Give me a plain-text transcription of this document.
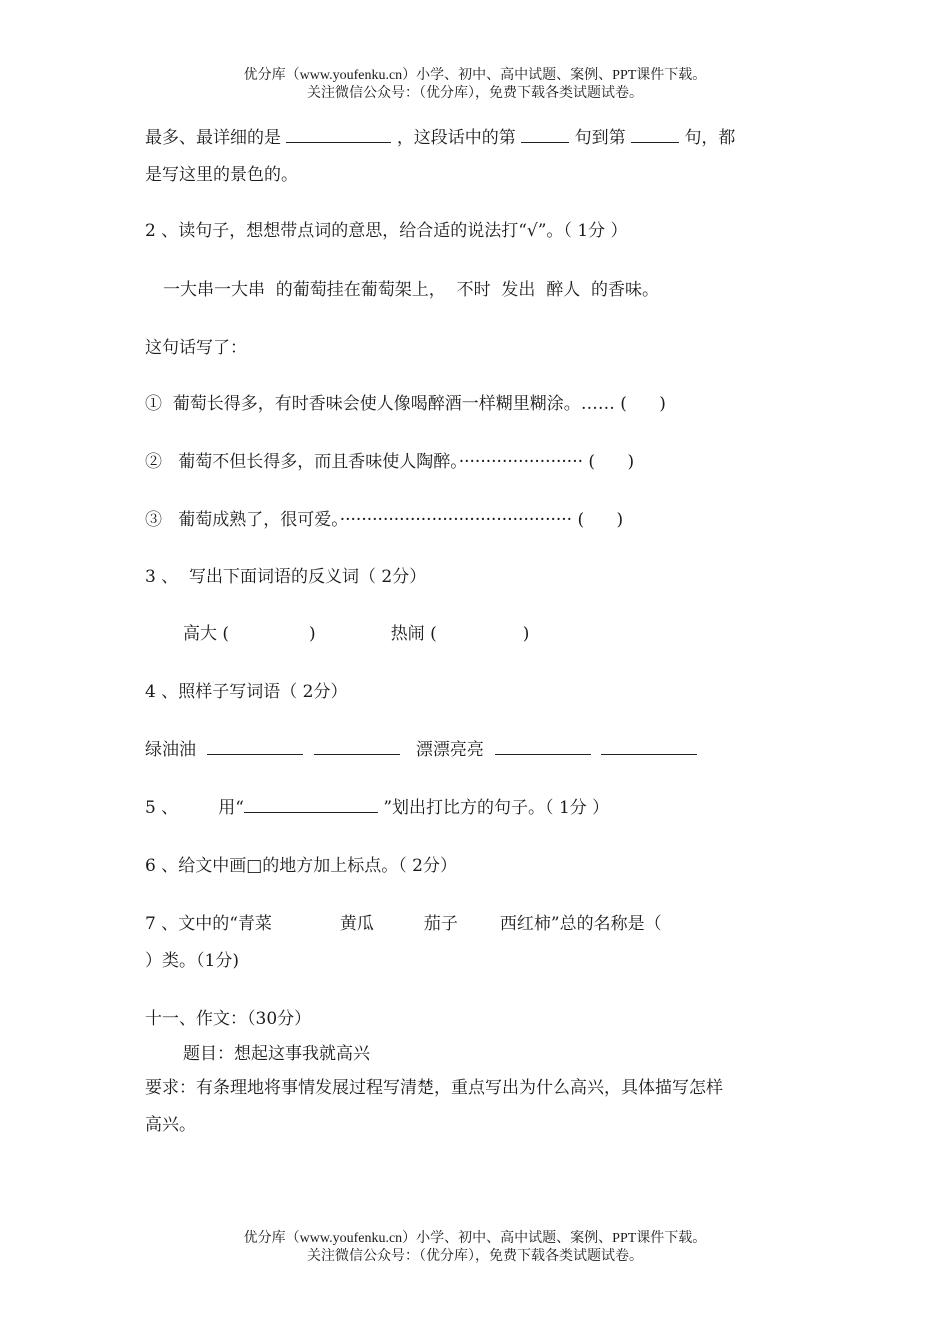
优分库（www.youfenku.cn）小学、初中、高中试题、案例、PPT课件下载。
关注微信公众号：（优分库），免费下载各类试题试卷。
最多、最详细的是	，这段话中的第	句到第	句，都
是写这里的景色的。
2 、读句子，想想带点词的意思，给合适的说法打“√”。（ 1分 ）
一大串一大串  的葡萄挂在葡萄架上，  不时  发出  醉人  的香味。
这句话写了：
① 葡萄长得多，有时香味会使人像喝醉酒一样糊里糊涂。…… (      )
② 葡萄不但长得多，而且香味使人陶醉。······················· (      )
③ 葡萄成熟了，很可爱。··········································· (      )
3 、  写出下面词语的反义词（ 2分）
高大 (	)	热闹 (	)
4 、照样子写词语（ 2分）
绿油油	漂漂亮亮
5 、 用“	”划出打比方的句子。（ 1分 ）
6 、给文中画□的地方加上标点。（ 2分）
7 、文中的“青菜	黄瓜	茄子 西红柿”总的名称是（
）类。（1分)
十一、作文：（30分）
题目：想起这事我就高兴
要求：有条理地将事情发展过程写清楚，重点写出为什么高兴，具体描写怎样
高兴。
优分库（www.youfenku.cn）小学、初中、高中试题、案例、PPT课件下载。
关注微信公众号：（优分库），免费下载各类试题试卷。
